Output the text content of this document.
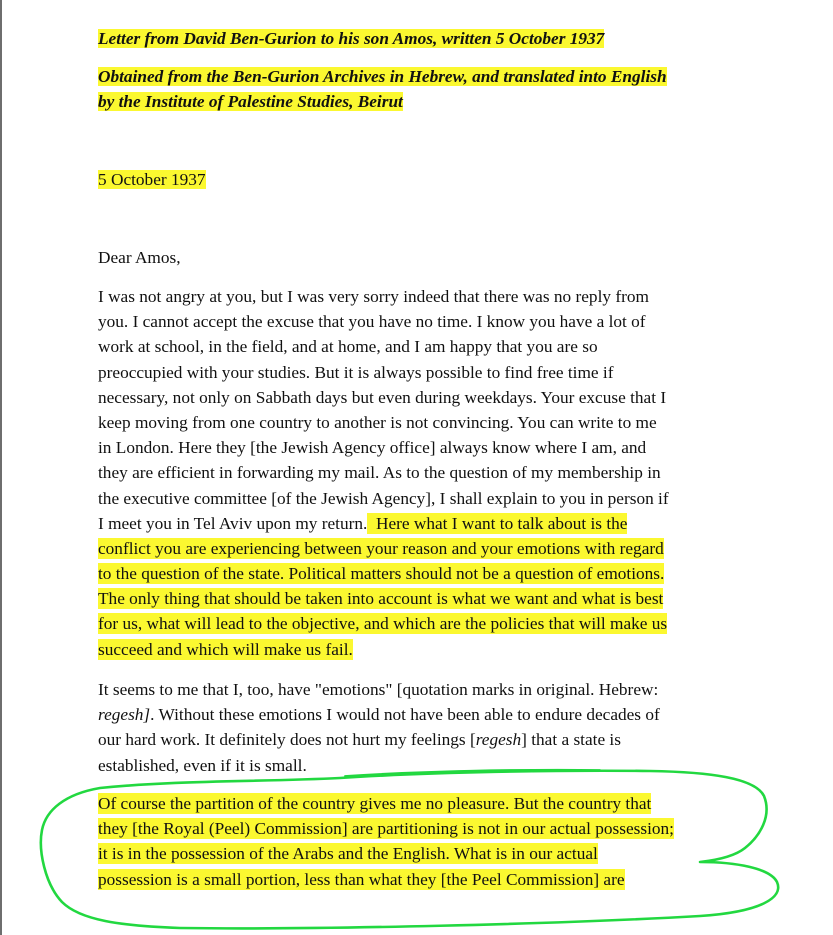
Letter from David Ben-Gurion to his son Amos, written 5 October 1937
Obtained from the Ben-Gurion Archives in Hebrew, and translated into English
by the Institute of Palestine Studies, Beirut
5 October 1937
Dear Amos,
I was not angry at you, but I was very sorry indeed that there was no reply from
you. I cannot accept the excuse that you have no time. I know you have a lot of
work at school, in the field, and at home, and I am happy that you are so
preoccupied with your studies. But it is always possible to find free time if
necessary, not only on Sabbath days but even during weekdays. Your excuse that I
keep moving from one country to another is not convincing. You can write to me
in London. Here they [the Jewish Agency office] always know where I am, and
they are efficient in forwarding my mail. As to the question of my membership in
the executive committee [of the Jewish Agency], I shall explain to you in person if
I meet you in Tel Aviv upon my return.  Here what I want to talk about is the
conflict you are experiencing between your reason and your emotions with regard
to the question of the state. Political matters should not be a question of emotions.
The only thing that should be taken into account is what we want and what is best
for us, what will lead to the objective, and which are the policies that will make us
succeed and which will make us fail.
It seems to me that I, too, have "emotions" [quotation marks in original. Hebrew:
regesh]. Without these emotions I would not have been able to endure decades of
our hard work. It definitely does not hurt my feelings [regesh] that a state is
established, even if it is small.
Of course the partition of the country gives me no pleasure. But the country that
they [the Royal (Peel) Commission] are partitioning is not in our actual possession;
it is in the possession of the Arabs and the English. What is in our actual
possession is a small portion, less than what they [the Peel Commission] are
